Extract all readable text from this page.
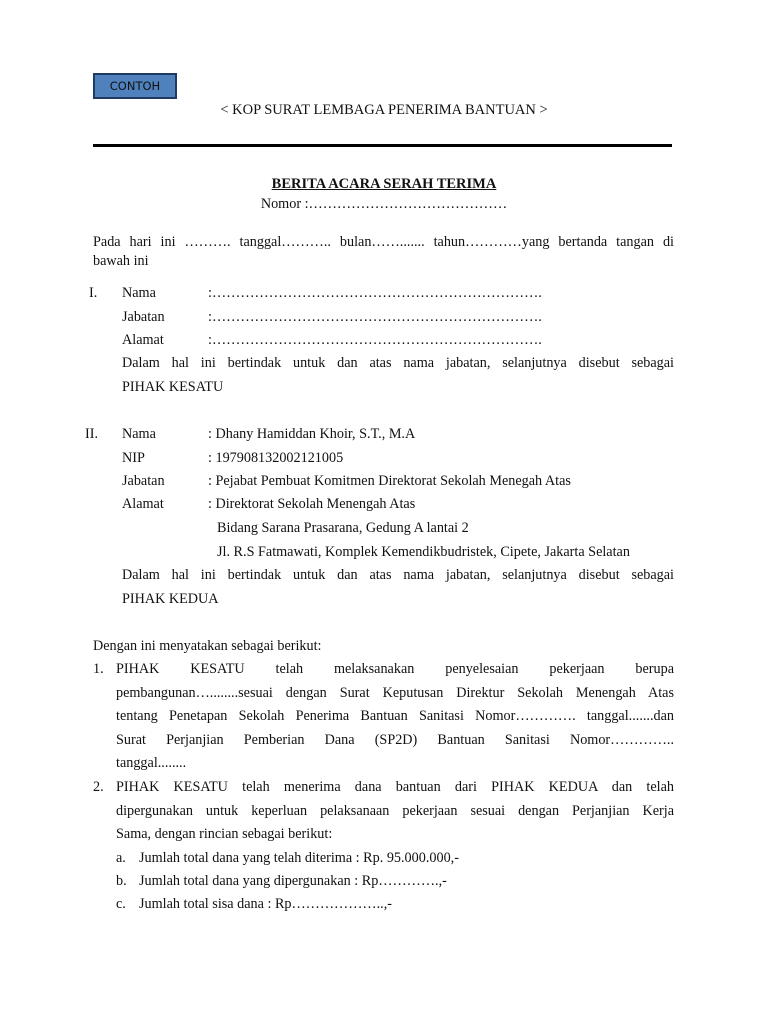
CONTOH
< KOP SURAT LEMBAGA PENERIMA BANTUAN >
BERITA ACARA SERAH TERIMA
Nomor :……………………………………
Pada hari ini ………. tanggal……….. bulan……....... tahun…………yang bertanda tangan di
bawah ini
I. Nama	:…………………………………………………………….
Jabatan	:…………………………………………………………….
Alamat	:…………………………………………………………….
Dalam hal ini bertindak untuk dan atas nama jabatan, selanjutnya disebut sebagai
PIHAK KESATU
II. Nama	: Dhany Hamiddan Khoir, S.T., M.A
NIP	: 197908132002121005
Jabatan	: Pejabat Pembuat Komitmen Direktorat Sekolah Menegah Atas
Alamat	: Direktorat Sekolah Menengah Atas
Bidang Sarana Prasarana, Gedung A lantai 2
Jl. R.S Fatmawati, Komplek Kemendikbudristek, Cipete, Jakarta Selatan
Dalam hal ini bertindak untuk dan atas nama jabatan, selanjutnya disebut sebagai
PIHAK KEDUA
Dengan ini menyatakan sebagai berikut:
1. PIHAK KESATU telah melaksanakan penyelesaian pekerjaan berupa
pembangunan…........sesuai dengan Surat Keputusan Direktur Sekolah Menengah Atas
tentang Penetapan Sekolah Penerima Bantuan Sanitasi Nomor…………. tanggal.......dan
Surat Perjanjian Pemberian Dana (SP2D) Bantuan Sanitasi Nomor…………..
tanggal........
2. PIHAK KESATU telah menerima dana bantuan dari PIHAK KEDUA dan telah
dipergunakan untuk keperluan pelaksanaan pekerjaan sesuai dengan Perjanjian Kerja
Sama, dengan rincian sebagai berikut:
a. Jumlah total dana yang telah diterima : Rp. 95.000.000,-
b. Jumlah total dana yang dipergunakan : Rp………….,-
c. Jumlah total sisa dana : Rp………………..,-
